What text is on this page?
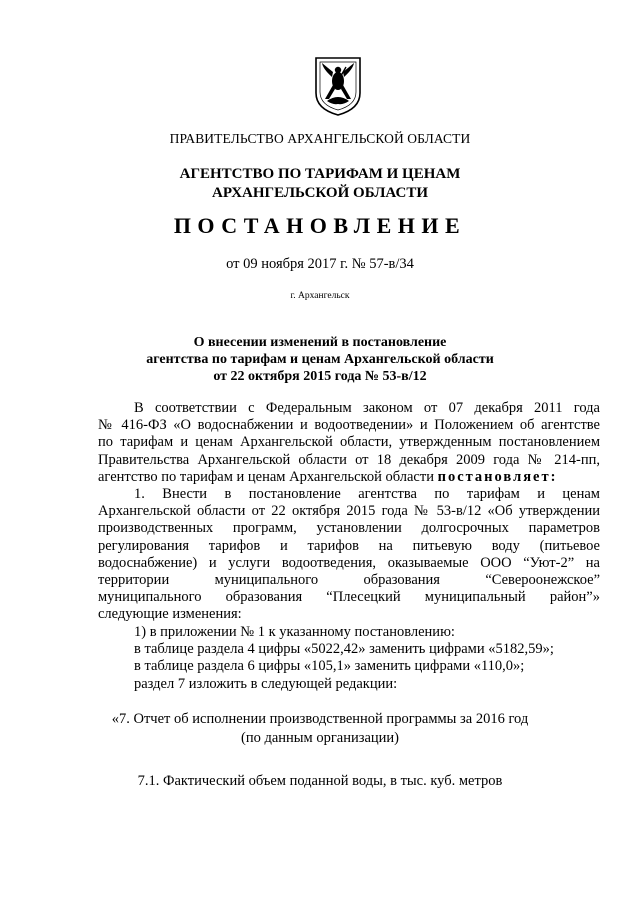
ПРАВИТЕЛЬСТВО АРХАНГЕЛЬСКОЙ ОБЛАСТИ
АГЕНТСТВО ПО ТАРИФАМ И ЦЕНАМ
АРХАНГЕЛЬСКОЙ ОБЛАСТИ
ПОСТАНОВЛЕНИЕ
от 09 ноября 2017 г. № 57-в/34
г. Архангельск
О внесении изменений в постановление
агентства по тарифам и ценам Архангельской области
от 22 октября 2015 года № 53-в/12
В соответствии с Федеральным законом от 07 декабря 2011 года
№ 416-ФЗ «О водоснабжении и водоотведении» и Положением об агентстве
по тарифам и ценам Архангельской области, утвержденным постановлением
Правительства Архангельской области от 18 декабря 2009 года № 214-пп,
агентство по тарифам и ценам Архангельской области постановляет:
1. Внести в постановление агентства по тарифам и ценам
Архангельской области от 22 октября 2015 года № 53-в/12 «Об утверждении
производственных программ, установлении долгосрочных параметров
регулирования тарифов и тарифов на питьевую воду (питьевое
водоснабжение) и услуги водоотведения, оказываемые ООО “Уют-2” на
территории муниципального образования “Североонежское”
муниципального образования “Плесецкий муниципальный район”»
следующие изменения:
1) в приложении № 1 к указанному постановлению:
в таблице раздела 4 цифры «5022,42» заменить цифрами «5182,59»;
в таблице раздела 6 цифры «105,1» заменить цифрами «110,0»;
раздел 7 изложить в следующей редакции:
«7. Отчет об исполнении производственной программы за 2016 год
(по данным организации)
7.1. Фактический объем поданной воды, в тыс. куб. метров
